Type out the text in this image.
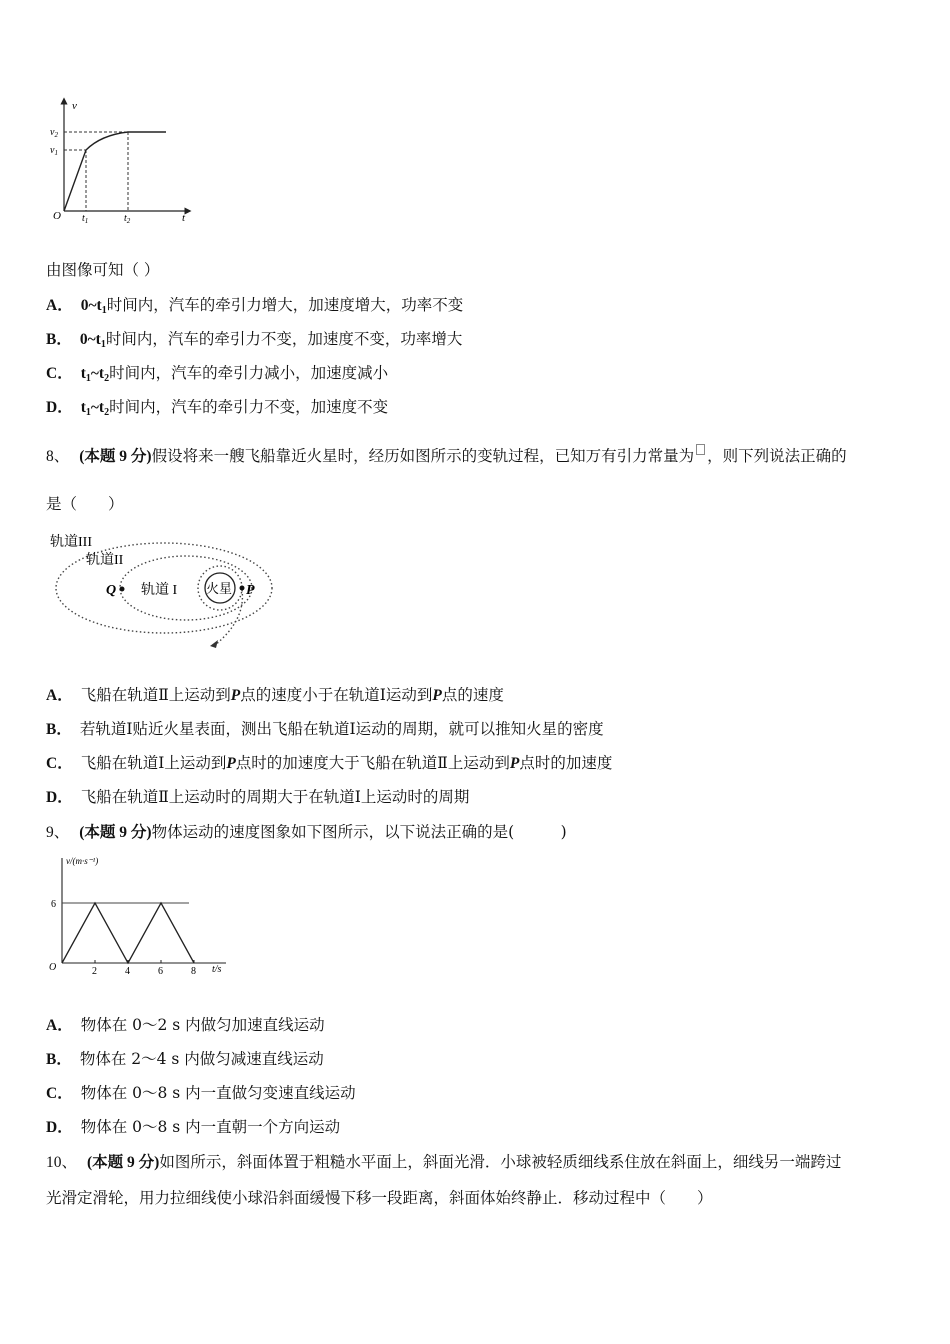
v
t
O
$v_2$
$v_1$
$t_1$	$t_2$
由图像可知（ ）
A． $0\sim t_1$时间内，汽车的牵引力增大，加速度增大，功率不变
B． $0\sim t_1$时间内，汽车的牵引力不变，加速度不变，功率增大
C． $t_1\sim t_2$时间内，汽车的牵引力减小，加速度减小
D． $t_1\sim t_2$时间内，汽车的牵引力不变，加速度不变
8、 (本题 9 分)假设将来一艘飞船靠近火星时，经历如图所示的变轨过程，已知万有引力常量为 ，则下列说法正确的
是（　　）
轨道III
轨道II
轨道 I 火星
Q	P
A． 飞船在轨道Ⅱ上运动到P点的速度小于在轨道Ⅰ运动到P点的速度
B． 若轨道Ⅰ贴近火星表面，测出飞船在轨道Ⅰ运动的周期，就可以推知火星的密度
C． 飞船在轨道Ⅰ上运动到P点时的加速度大于飞船在轨道Ⅱ上运动到P点时的加速度
D． 飞船在轨道Ⅱ上运动时的周期大于在轨道Ⅰ上运动时的周期
9、 (本题 9 分)物体运动的速度图象如下图所示，以下说法正确的是(　　　)
v/(m·s⁻¹)
t/s
O	2	4	6	8
6
A． 物体在 0～2 s 内做匀加速直线运动
B． 物体在 2～4 s 内做匀减速直线运动
C． 物体在 0～8 s 内一直做匀变速直线运动
D． 物体在 0～8 s 内一直朝一个方向运动
10、 (本题 9 分)如图所示，斜面体置于粗糙水平面上，斜面光滑．小球被轻质细线系住放在斜面上，细线另一端跨过
光滑定滑轮，用力拉细线使小球沿斜面缓慢下移一段距离，斜面体始终静止．移动过程中（　　）
